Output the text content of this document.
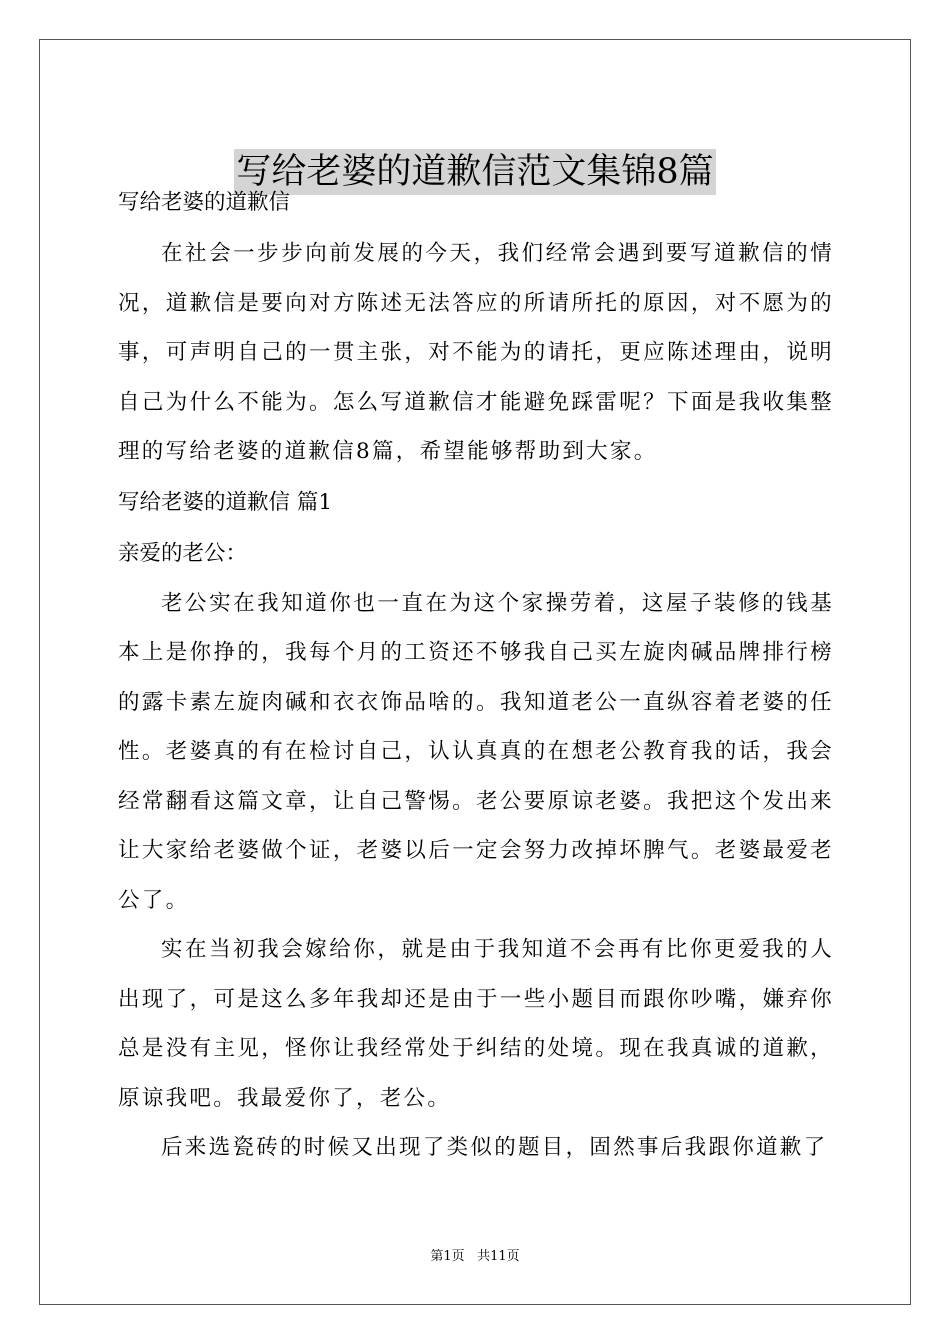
写给老婆的道歉信范文集锦8篇

写给老婆的道歉信

在社会一步步向前发展的今天，我们经常会遇到要写道歉信的情况，道歉信是要向对方陈述无法答应的所请所托的原因，对不愿为的事，可声明自己的一贯主张，对不能为的请托，更应陈述理由，说明自己为什么不能为。怎么写道歉信才能避免踩雷呢？下面是我收集整理的写给老婆的道歉信8篇，希望能够帮助到大家。

写给老婆的道歉信 篇1

亲爱的老公：

老公实在我知道你也一直在为这个家操劳着，这屋子装修的钱基本上是你挣的，我每个月的工资还不够我自己买左旋肉碱品牌排行榜的露卡素左旋肉碱和衣衣饰品啥的。我知道老公一直纵容着老婆的任性。老婆真的有在检讨自己，认认真真的在想老公教育我的话，我会经常翻看这篇文章，让自己警惕。老公要原谅老婆。我把这个发出来让大家给老婆做个证，老婆以后一定会努力改掉坏脾气。老婆最爱老公了。

实在当初我会嫁给你，就是由于我知道不会再有比你更爱我的人出现了，可是这么多年我却还是由于一些小题目而跟你吵嘴，嫌弃你总是没有主见，怪你让我经常处于纠结的处境。现在我真诚的道歉，原谅我吧。我最爱你了，老公。

后来选瓷砖的时候又出现了类似的题目，固然事后我跟你道歉了

第1页 共11页
